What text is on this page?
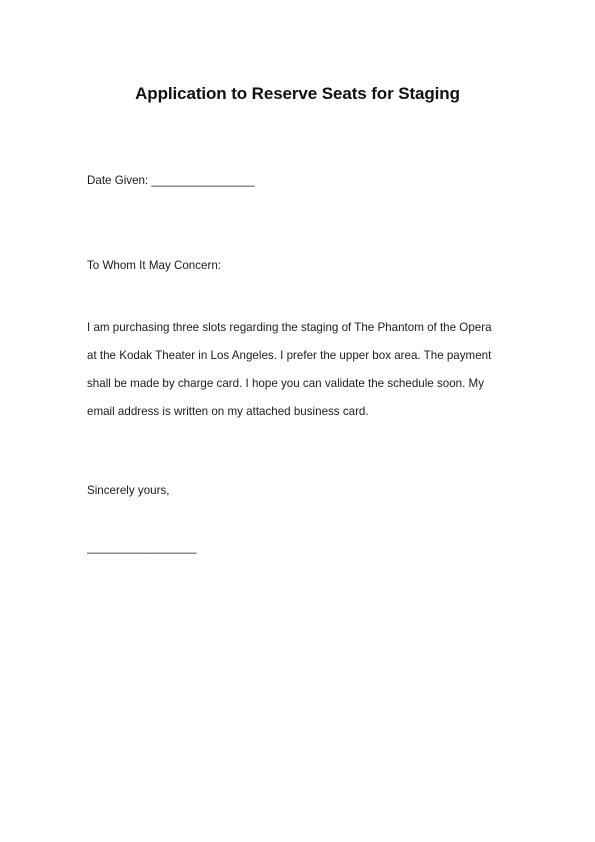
Application to Reserve Seats for Staging
Date Given: ________________
To Whom It May Concern:

I am purchasing three slots regarding the staging of The Phantom of the Opera
at the Kodak Theater in Los Angeles. I prefer the upper box area. The payment
shall be made by charge card. I hope you can validate the schedule soon. My
email address is written on my attached business card.

Sincerely yours,
_________________
